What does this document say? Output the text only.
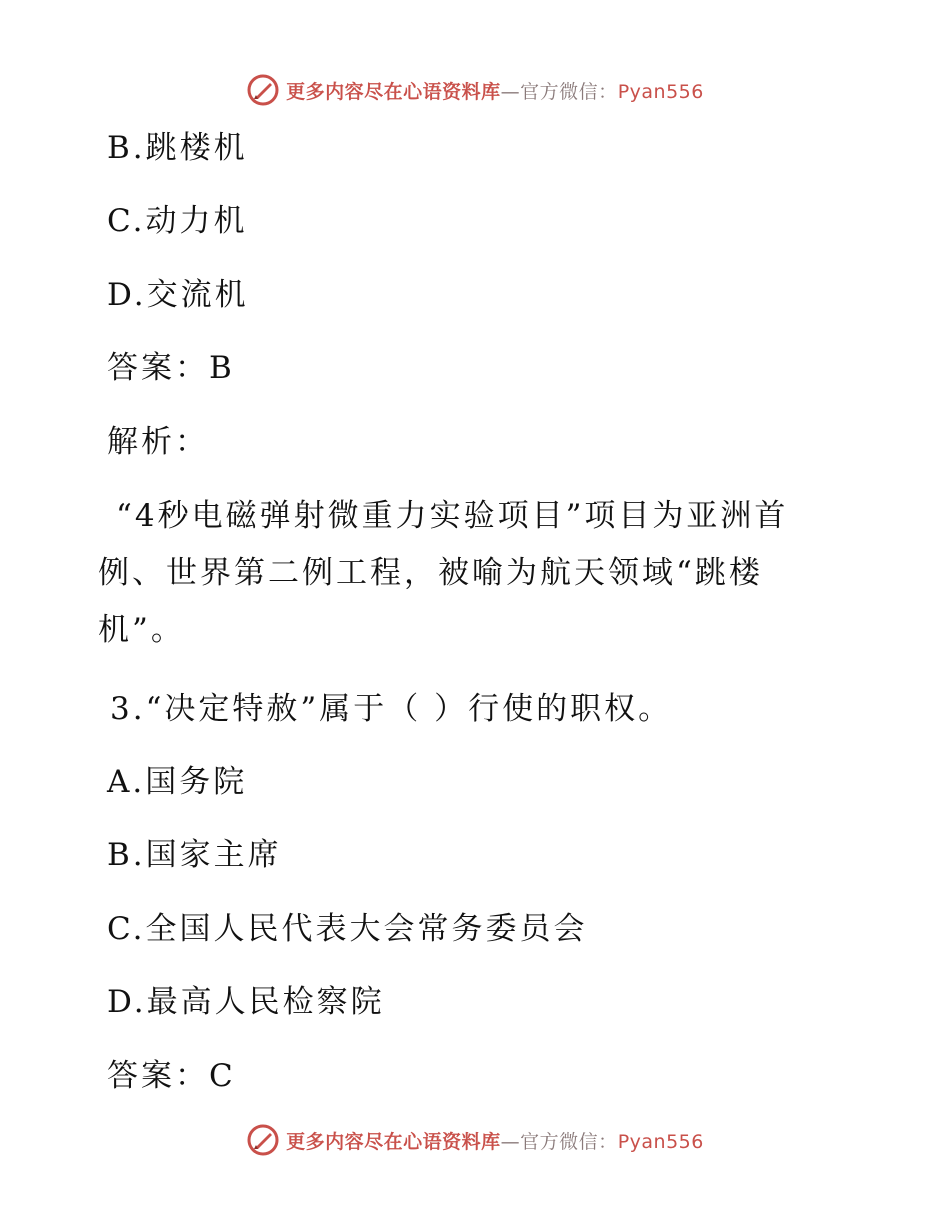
更多内容尽在心语资料库—官方微信：Pyan556
B.跳楼机
C.动力机
D.交流机
答案：B
解析：
“4秒电磁弹射微重力实验项目”项目为亚洲首例、世界第二例工程，被喻为航天领域“跳楼机”。
3.“决定特赦”属于（ ）行使的职权。
A.国务院
B.国家主席
C.全国人民代表大会常务委员会
D.最高人民检察院
答案：C
更多内容尽在心语资料库—官方微信：Pyan556
